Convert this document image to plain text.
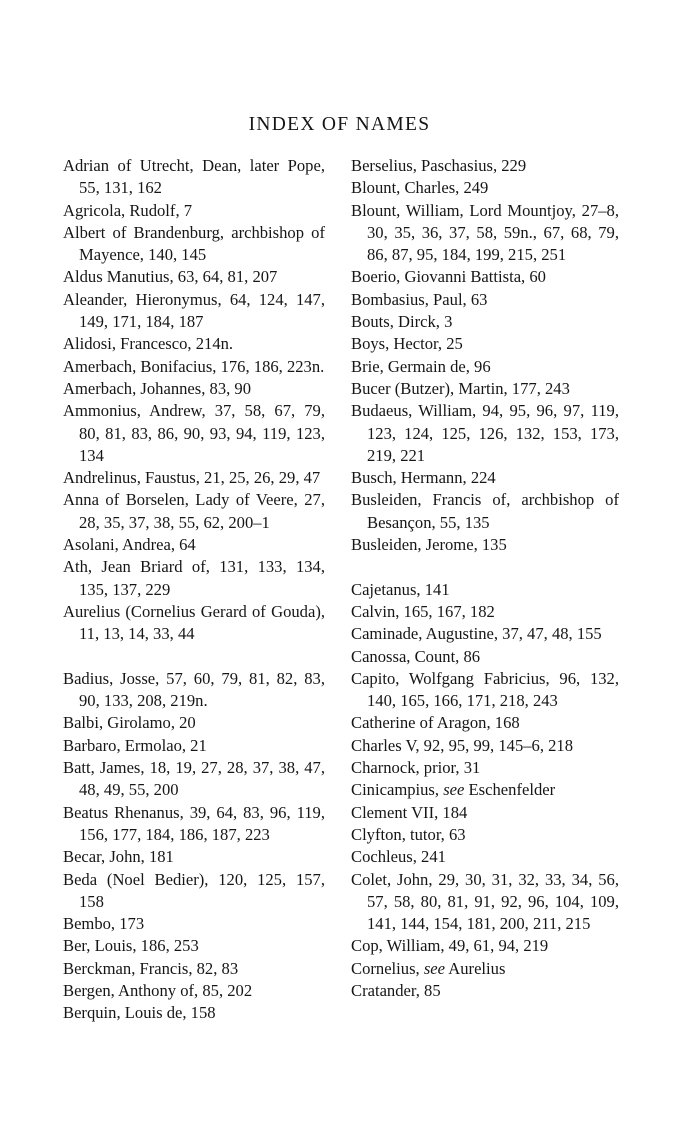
INDEX OF NAMES

Adrian of Utrecht, Dean, later Pope, 55, 131, 162

Agricola, Rudolf, 7

Albert of Brandenburg, archbishop of Mayence, 140, 145

Aldus Manutius, 63, 64, 81, 207

Aleander, Hieronymus, 64, 124, 147, 149, 171, 184, 187

Alidosi, Francesco, 214n.

Amerbach, Bonifacius, 176, 186, 223n.

Amerbach, Johannes, 83, 90

Ammonius, Andrew, 37, 58, 67, 79, 80, 81, 83, 86, 90, 93, 94, 119, 123, 134

Andrelinus, Faustus, 21, 25, 26, 29, 47

Anna of Borselen, Lady of Veere, 27, 28, 35, 37, 38, 55, 62, 200–1

Asolani, Andrea, 64

Ath, Jean Briard of, 131, 133, 134, 135, 137, 229

Aurelius (Cornelius Gerard of Gouda), 11, 13, 14, 33, 44

Badius, Josse, 57, 60, 79, 81, 82, 83, 90, 133, 208, 219n.

Balbi, Girolamo, 20

Barbaro, Ermolao, 21

Batt, James, 18, 19, 27, 28, 37, 38, 47, 48, 49, 55, 200

Beatus Rhenanus, 39, 64, 83, 96, 119, 156, 177, 184, 186, 187, 223

Becar, John, 181

Beda (Noel Bedier), 120, 125, 157, 158

Bembo, 173

Ber, Louis, 186, 253

Berckman, Francis, 82, 83

Bergen, Anthony of, 85, 202

Berquin, Louis de, 158

Berselius, Paschasius, 229

Blount, Charles, 249

Blount, William, Lord Mountjoy, 27–8, 30, 35, 36, 37, 58, 59n., 67, 68, 79, 86, 87, 95, 184, 199, 215, 251

Boerio, Giovanni Battista, 60

Bombasius, Paul, 63

Bouts, Dirck, 3

Boys, Hector, 25

Brie, Germain de, 96

Bucer (Butzer), Martin, 177, 243

Budaeus, William, 94, 95, 96, 97, 119, 123, 124, 125, 126, 132, 153, 173, 219, 221

Busch, Hermann, 224

Busleiden, Francis of, archbishop of Besançon, 55, 135

Busleiden, Jerome, 135

Cajetanus, 141

Calvin, 165, 167, 182

Caminade, Augustine, 37, 47, 48, 155

Canossa, Count, 86

Capito, Wolfgang Fabricius, 96, 132, 140, 165, 166, 171, 218, 243

Catherine of Aragon, 168

Charles V, 92, 95, 99, 145–6, 218

Charnock, prior, 31

Cinicampius, see Eschenfelder

Clement VII, 184

Clyfton, tutor, 63

Cochleus, 241

Colet, John, 29, 30, 31, 32, 33, 34, 56, 57, 58, 80, 81, 91, 92, 96, 104, 109, 141, 144, 154, 181, 200, 211, 215

Cop, William, 49, 61, 94, 219

Cornelius, see Aurelius

Cratander, 85
